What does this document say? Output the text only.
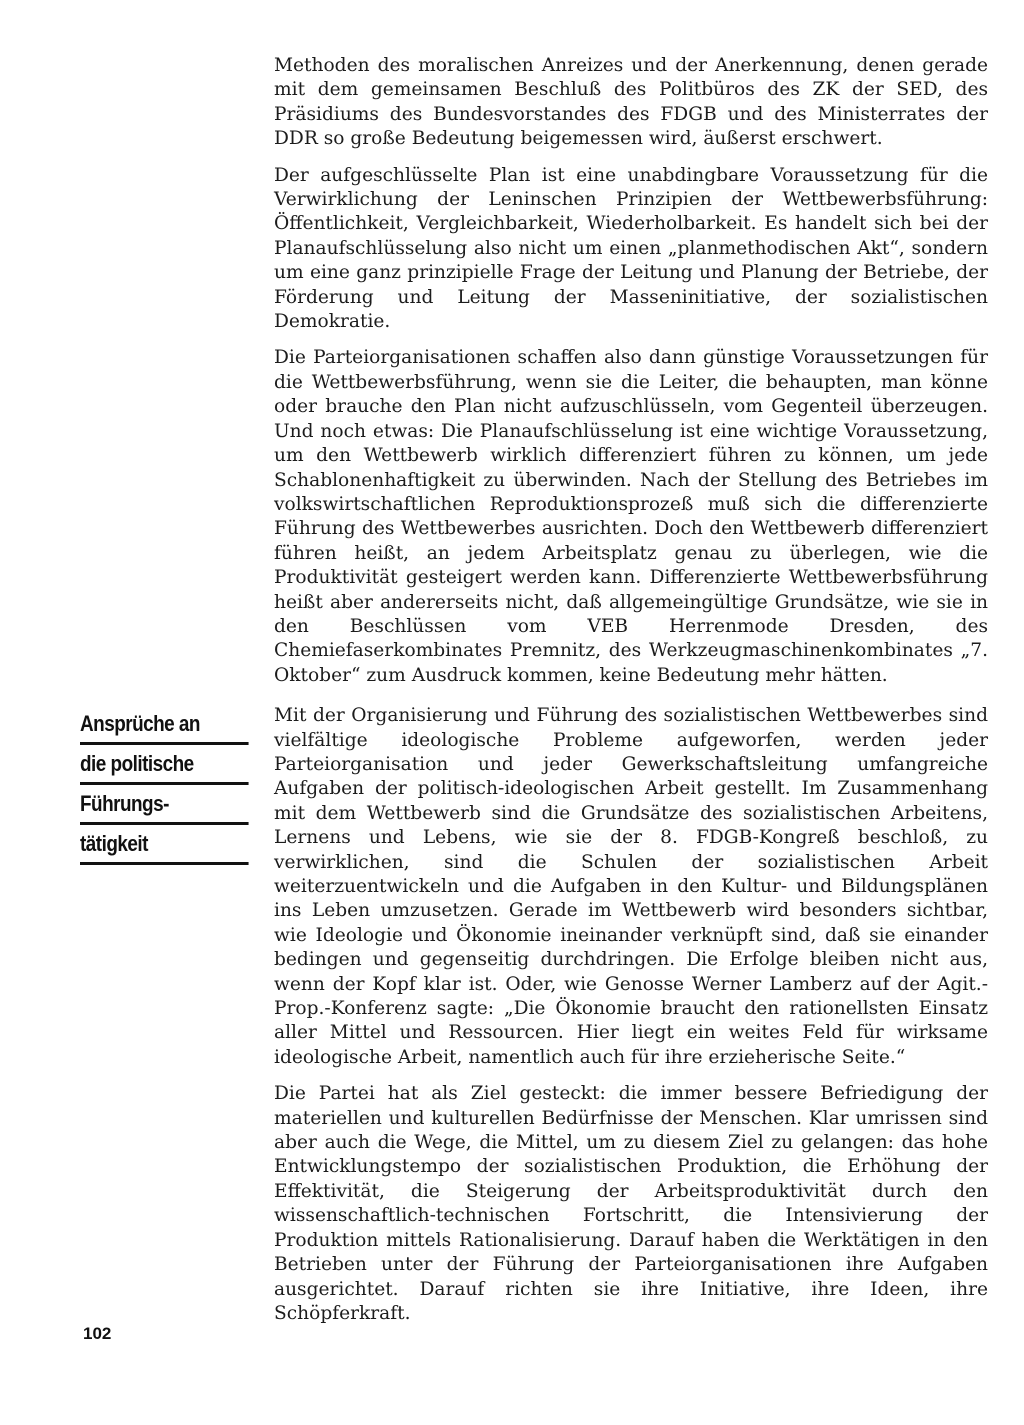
Methoden des moralischen Anreizes und der Anerkennung, denen gerade mit dem gemeinsamen Beschluß des Politbüros des ZK der SED, des Präsidiums des Bundesvorstandes des FDGB und des Ministerrates der DDR so große Bedeutung beigemessen wird, äußerst erschwert.

Der aufgeschlüsselte Plan ist eine unabdingbare Voraussetzung für die Verwirklichung der Leninschen Prinzipien der Wettbewerbsführung: Öffentlichkeit, Vergleichbarkeit, Wiederholbarkeit. Es handelt sich bei der Planaufschlüsselung also nicht um einen „planmethodischen Akt“, sondern um eine ganz prinzipielle Frage der Leitung und Planung der Betriebe, der Förderung und Leitung der Masseninitiative, der sozialistischen Demokratie.

Die Parteiorganisationen schaffen also dann günstige Voraussetzungen für die Wettbewerbsführung, wenn sie die Leiter, die behaupten, man könne oder brauche den Plan nicht aufzuschlüsseln, vom Gegenteil überzeugen. Und noch etwas: Die Planaufschlüsselung ist eine wichtige Voraussetzung, um den Wettbewerb wirklich differenziert führen zu können, um jede Schablonenhaftigkeit zu überwinden. Nach der Stellung des Betriebes im volkswirtschaftlichen Reproduktionsprozeß muß sich die differenzierte Führung des Wettbewerbes ausrichten. Doch den Wettbewerb differenziert führen heißt, an jedem Arbeitsplatz genau zu überlegen, wie die Produktivität gesteigert werden kann. Differenzierte Wettbewerbsführung heißt aber andererseits nicht, daß allgemeingültige Grundsätze, wie sie in den Beschlüssen vom VEB Herrenmode Dresden, des Chemiefaserkombinates Premnitz, des Werkzeugmaschinenkombinates „7. Oktober“ zum Ausdruck kommen, keine Bedeutung mehr hätten.

Mit der Organisierung und Führung des sozialistischen Wettbewerbes sind vielfältige ideologische Probleme aufgeworfen, werden jeder Parteiorganisation und jeder Gewerkschaftsleitung umfangreiche Aufgaben der politisch-ideologischen Arbeit gestellt. Im Zusammenhang mit dem Wettbewerb sind die Grundsätze des sozialistischen Arbeitens, Lernens und Lebens, wie sie der 8. FDGB-Kongreß beschloß, zu verwirklichen, sind die Schulen der sozialistischen Arbeit weiterzuentwickeln und die Aufgaben in den Kultur- und Bildungsplänen ins Leben umzusetzen. Gerade im Wettbewerb wird besonders sichtbar, wie Ideologie und Ökonomie ineinander verknüpft sind, daß sie einander bedingen und gegenseitig durchdringen. Die Erfolge bleiben nicht aus, wenn der Kopf klar ist. Oder, wie Genosse Werner Lamberz auf der Agit.-Prop.-Konferenz sagte: „Die Ökonomie braucht den rationellsten Einsatz aller Mittel und Ressourcen. Hier liegt ein weites Feld für wirksame ideologische Arbeit, namentlich auch für ihre erzieherische Seite.“

Die Partei hat als Ziel gesteckt: die immer bessere Befriedigung der materiellen und kulturellen Bedürfnisse der Menschen. Klar umrissen sind aber auch die Wege, die Mittel, um zu diesem Ziel zu gelangen: das hohe Entwicklungstempo der sozialistischen Produktion, die Erhöhung der Effektivität, die Steigerung der Arbeitsproduktivität durch den wissenschaftlich-technischen Fortschritt, die Intensivierung der Produktion mittels Rationalisierung. Darauf haben die Werktätigen in den Betrieben unter der Führung der Parteiorganisationen ihre Aufgaben ausgerichtet. Darauf richten sie ihre Initiative, ihre Ideen, ihre Schöpferkraft.

Ansprüche an
die politische
Führungs-
tätigkeit
102
